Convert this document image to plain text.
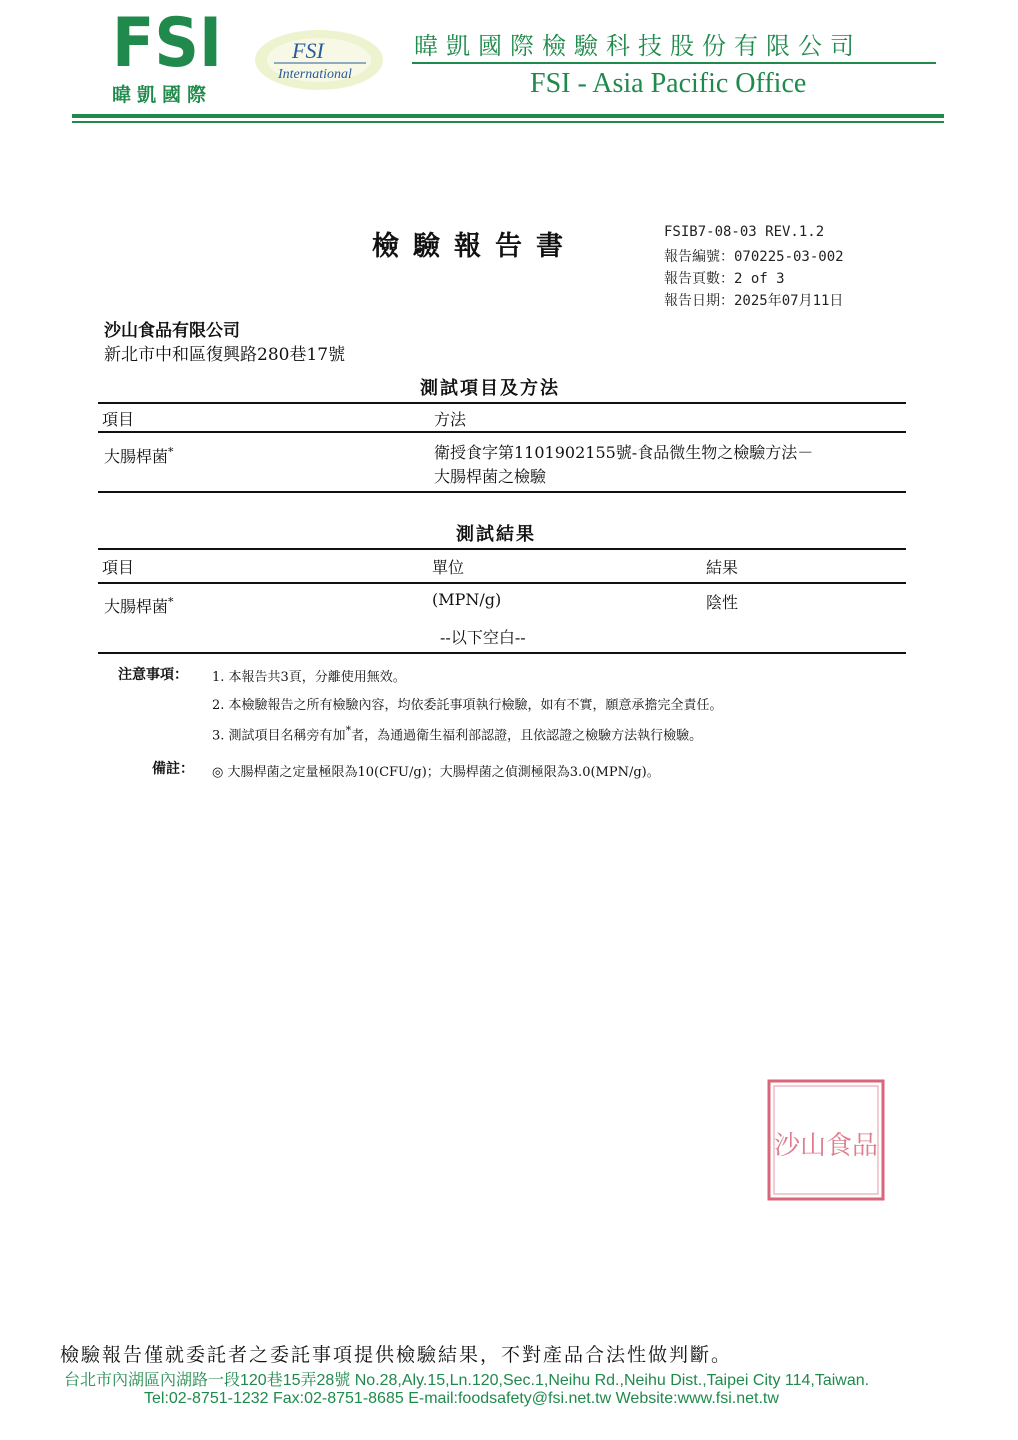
FSI
暐凱國際
FSI
International
暐凱國際檢驗科技股份有限公司
FSI - Asia Pacific Office
檢驗報告書	FSIB7-08-03 REV.1.2
報告編號：070225-03-002
報告頁數：2 of 3
報告日期：2025年07月11日
沙山食品有限公司
新北市中和區復興路280巷17號
測試項目及方法
項目	方法
大腸桿菌*	衛授食字第1101902155號-食品微生物之檢驗方法－
大腸桿菌之檢驗
測試結果
項目	單位	結果
大腸桿菌*	(MPN/g)	陰性
--以下空白--
注意事項： 1. 本報告共3頁，分離使用無效。
2. 本檢驗報告之所有檢驗內容，均依委託事項執行檢驗，如有不實，願意承擔完全責任。
3. 測試項目名稱旁有加*者，為通過衛生福利部認證，且依認證之檢驗方法執行檢驗。
備註： ◎ 大腸桿菌之定量極限為10(CFU/g)；大腸桿菌之偵測極限為3.0(MPN/g)。
沙山食品
檢驗報告僅就委託者之委託事項提供檢驗結果，不對產品合法性做判斷。
台北市內湖區內湖路一段120巷15弄28號 No.28,Aly.15,Ln.120,Sec.1,Neihu Rd.,Neihu Dist.,Taipei City 114,Taiwan.
Tel:02-8751-1232 Fax:02-8751-8685 E-mail:foodsafety@fsi.net.tw Website:www.fsi.net.tw
